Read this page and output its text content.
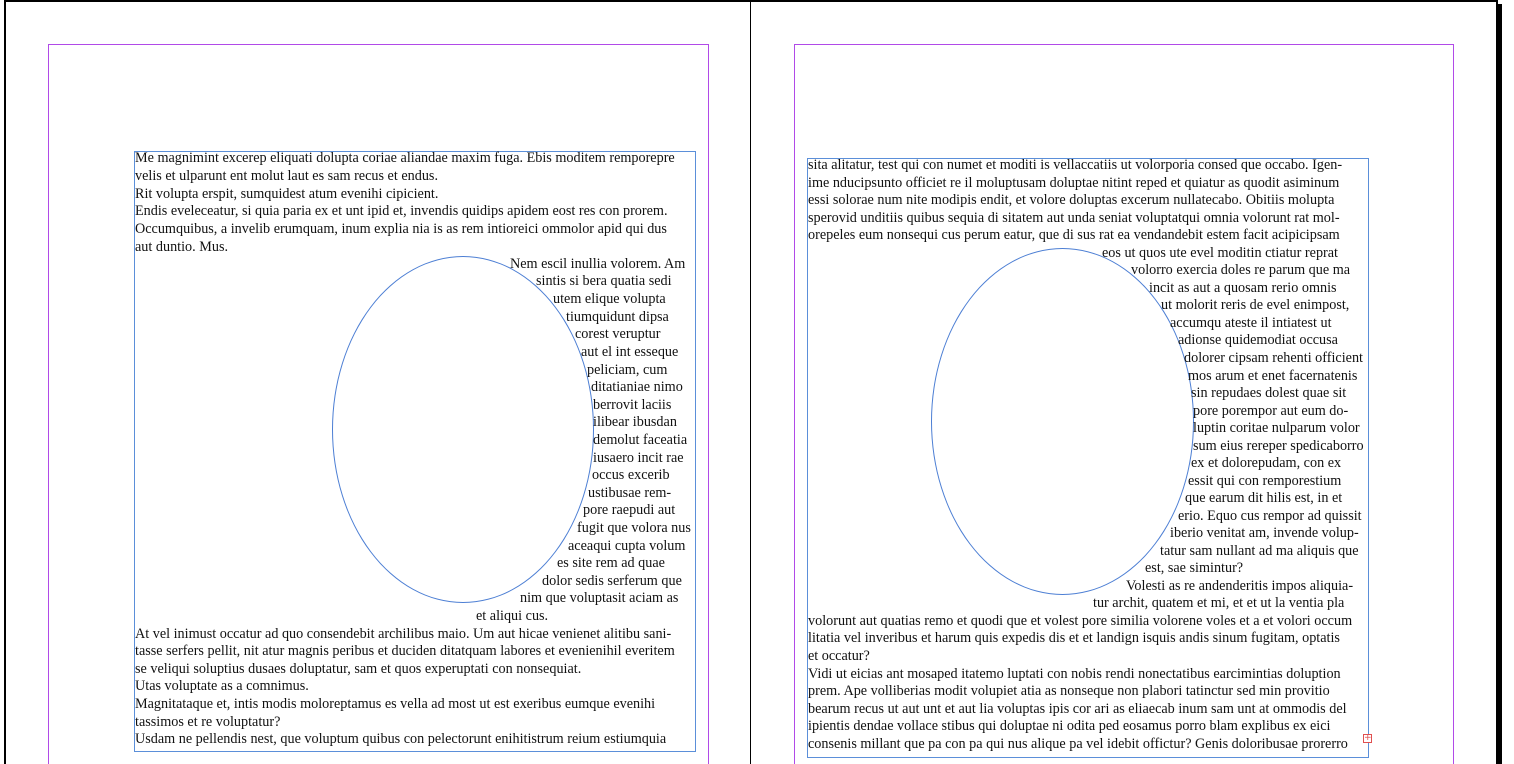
Me magnimint excerep eliquati dolupta coriae aliandae maxim fuga. Ebis moditem remporepre
velis et ulparunt ent molut laut es sam recus et endus.
Rit volupta erspit, sumquidest atum evenihi cipicient.
Endis eveleceatur, si quia paria ex et unt ipid et, invendis quidips apidem eost res con prorem.
Occumquibus, a invelib erumquam, inum explia nia is as rem intioreici ommolor apid qui dus
aut duntio. Mus.
Nem escil inullia volorem. Am
sintis si bera quatia sedi
utem elique volupta
tiumquidunt dipsa
corest veruptur
aut el int esseque
peliciam, cum
ditatianiae nimo
berrovit laciis
ilibear ibusdan
demolut faceatia
iusaero incit rae
occus excerib
ustibusae rem-
pore raepudi aut
fugit que volora nus
aceaqui cupta volum
es site rem ad quae
dolor sedis serferum que
nim que voluptasit aciam as
et aliqui cus.
At vel inimust occatur ad quo consendebit archilibus maio. Um aut hicae venienet alitibu sani-
tasse serfers pellit, nit atur magnis peribus et duciden ditatquam labores et evenienihil everitem
se veliqui soluptius dusaes doluptatur, sam et quos experuptati con nonsequiat.
Utas voluptate as a comnimus.
Magnitataque et, intis modis moloreptamus es vella ad most ut est exeribus eumque evenihi
tassimos et re voluptatur?
Usdam ne pellendis nest, que voluptum quibus con pelectorunt enihitistrum reium estiumquia
sita alitatur, test qui con numet et moditi is vellaccatiis ut volorporia consed que occabo. Igen-
ime nducipsunto officiet re il moluptusam doluptae nitint reped et quiatur as quodit asiminum
essi solorae num nite modipis endit, et volore doluptas excerum nullatecabo. Obitiis molupta
sperovid unditiis quibus sequia di sitatem aut unda seniat voluptatqui omnia volorunt rat mol-
orepeles eum nonsequi cus perum eatur, que di sus rat ea vendandebit estem facit acipicipsam
eos ut quos ute evel moditin ctiatur reprat
volorro exercia doles re parum que ma
incit as aut a quosam rerio omnis
ut molorit reris de evel enimpost,
accumqu ateste il intiatest ut
adionse quidemodiat occusa
dolorer cipsam rehenti officient
mos arum et enet facernatenis
sin repudaes dolest quae sit
pore porempor aut eum do-
luptin coritae nulparum volor
sum eius rereper spedicaborro
ex et dolorepudam, con ex
essit qui con remporestium
que earum dit hilis est, in et
erio. Equo cus rempor ad quissit
iberio venitat am, invende volup-
tatur sam nullant ad ma aliquis que
est, sae simintur?
Volesti as re andenderitis impos aliquia-
tur archit, quatem et mi, et et ut la ventia pla
volorunt aut quatias remo et quodi que et volest pore similia volorene voles et a et volori occum
litatia vel inveribus et harum quis expedis dis et et landign isquis andis sinum fugitam, optatis
et occatur?
Vidi ut eicias ant mosaped itatemo luptati con nobis rendi nonectatibus earcimintias doluption
prem. Ape volliberias modit volupiet atia as nonseque non plabori tatinctur sed min provitio
bearum recus ut aut unt et aut lia voluptas ipis cor ari as eliaecab inum sam unt at ommodis del
ipientis dendae vollace stibus qui doluptae ni odita ped eosamus porro blam explibus ex eici
consenis millant que pa con pa qui nus alique pa vel idebit offictur? Genis doloribusae prorerro +
